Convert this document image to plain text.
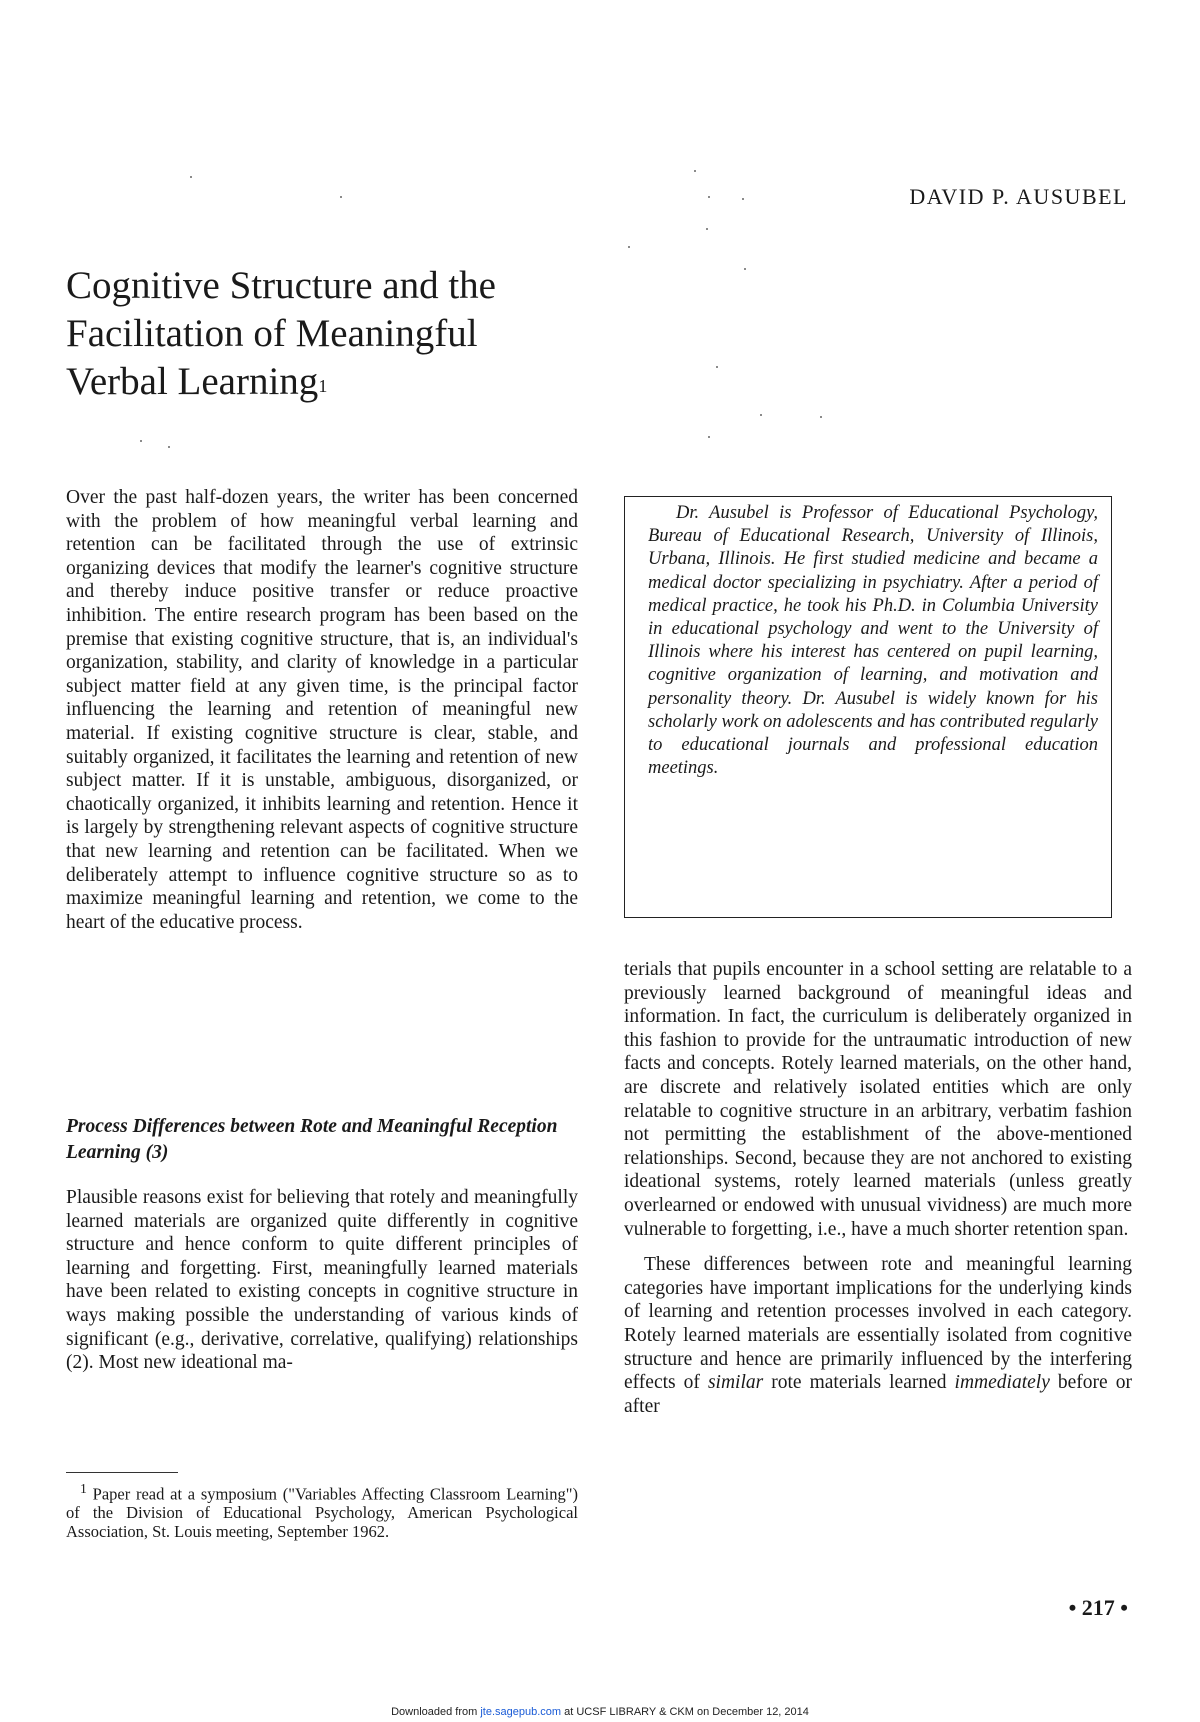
DAVID P. AUSUBEL
Cognitive Structure and the
Facilitation of Meaningful
Verbal Learning$^1$

Over the past half-dozen years, the writer has been concerned with the problem of how meaningful verbal learning and retention can be facilitated through the use of extrinsic organizing devices that modify the learner's cognitive structure and thereby induce positive transfer or reduce proactive inhibition. The entire research program has been based on the premise that existing cognitive structure, that is, an individual's organization, stability, and clarity of knowledge in a particular subject matter field at any given time, is the principal factor influencing the learning and retention of meaningful new material. If existing cognitive structure is clear, stable, and suitably organized, it facilitates the learning and retention of new subject matter. If it is unstable, ambiguous, disorganized, or chaotically organized, it inhibits learning and retention. Hence it is largely by strengthening relevant aspects of cognitive structure that new learning and retention can be facilitated. When we deliberately attempt to influence cognitive structure so as to maximize meaningful learning and retention, we come to the heart of the educative process.

Process Differences between Rote and Meaningful Reception Learning (3)

Plausible reasons exist for believing that rotely and meaningfully learned materials are organized quite differently in cognitive structure and hence conform to quite different principles of learning and forgetting. First, meaningfully learned materials have been related to existing concepts in cognitive structure in ways making possible the understanding of various kinds of significant (e.g., derivative, correlative, qualifying) relationships (2). Most new ideational ma-

$^1$ Paper read at a symposium ("Variables Affecting Classroom Learning") of the Division of Educational Psychology, American Psychological Association, St. Louis meeting, September 1962.

Dr. Ausubel is Professor of Educational Psychology, Bureau of Educational Research, University of Illinois, Urbana, Illinois. He first studied medicine and became a medical doctor specializing in psychiatry. After a period of medical practice, he took his Ph.D. in Columbia University in educational psychology and went to the University of Illinois where his interest has centered on pupil learning, cognitive organization of learning, and motivation and personality theory. Dr. Ausubel is widely known for his scholarly work on adolescents and has contributed regularly to educational journals and professional education meetings.

terials that pupils encounter in a school setting are relatable to a previously learned background of meaningful ideas and information. In fact, the curriculum is deliberately organized in this fashion to provide for the untraumatic introduction of new facts and concepts. Rotely learned materials, on the other hand, are discrete and relatively isolated entities which are only relatable to cognitive structure in an arbitrary, verbatim fashion not permitting the establishment of the above-mentioned relationships. Second, because they are not anchored to existing ideational systems, rotely learned materials (unless greatly overlearned or endowed with unusual vividness) are much more vulnerable to forgetting, i.e., have a much shorter retention span.

These differences between rote and meaningful learning categories have important implications for the underlying kinds of learning and retention processes involved in each category. Rotely learned materials are essentially isolated from cognitive structure and hence are primarily influenced by the interfering effects of similar rote materials learned immediately before or after

• 217 •
Downloaded from jte.sagepub.com at UCSF LIBRARY & CKM on December 12, 2014
